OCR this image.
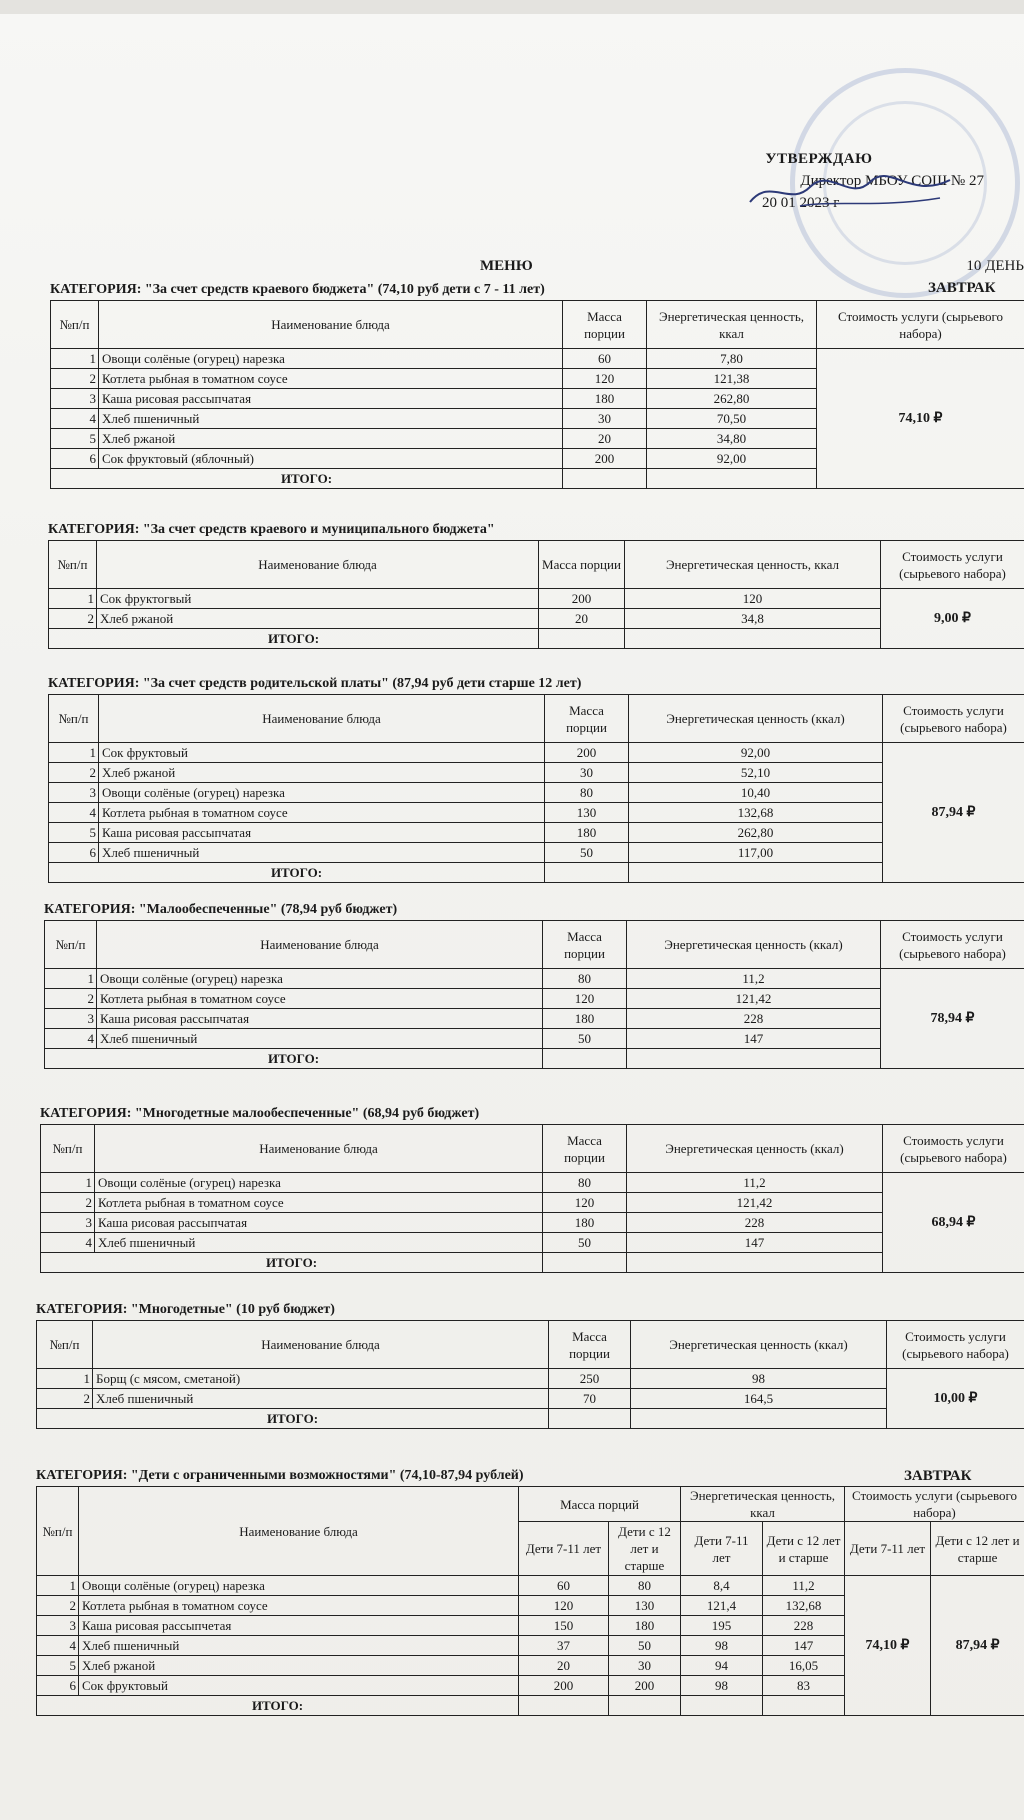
УТВЕРЖДАЮ
Директор МБОУ СОШ № 27
20 01 2023 г
МЕНЮ	10 ДЕНЬ
ЗАВТРАК
КАТЕГОРИЯ: "За счет средств краевого бюджета" (74,10 руб дети с 7 - 11 лет)
№п/п	Наименование блюда	Масса порции	Энергетическая ценность, ккал	Стоимость услуги (сырьевого набора)
1	Овощи солёные (огурец) нарезка	60	7,80	74,10 ₽
2	Котлета рыбная в томатном соусе	120	121,38	
3	Каша рисовая рассыпчатая	180	262,80	
4	Хлеб пшеничный	30	70,50	
5	Хлеб ржаной	20	34,80	
6	Сок фруктовый (яблочный)	200	92,00	
ИТОГО:				
КАТЕГОРИЯ: "За счет средств краевого и муниципального бюджета"
№п/п	Наименование блюда	Масса порции	Энергетическая ценность, ккал	Стоимость услуги (сырьевого набора)
1	Сок фруктогвый	200	120	9,00 ₽
2	Хлеб ржаной	20	34,8	
ИТОГО:				
КАТЕГОРИЯ: "За счет средств родительской платы" (87,94 руб дети старше 12 лет)
№п/п	Наименование блюда	Масса порции	Энергетическая ценность (ккал)	Стоимость услуги (сырьевого набора)
1	Сок фруктовый	200	92,00	87,94 ₽
2	Хлеб ржаной	30	52,10	
3	Овощи солёные (огурец) нарезка	80	10,40	
4	Котлета рыбная в томатном соусе	130	132,68	
5	Каша рисовая рассыпчатая	180	262,80	
6	Хлеб пшеничный	50	117,00	
ИТОГО:				
КАТЕГОРИЯ: "Малообеспеченные" (78,94 руб бюджет)
№п/п	Наименование блюда	Масса порции	Энергетическая ценность (ккал)	Стоимость услуги (сырьевого набора)
1	Овощи солёные (огурец) нарезка	80	11,2	78,94 ₽
2	Котлета рыбная в томатном соусе	120	121,42	
3	Каша рисовая рассыпчатая	180	228	
4	Хлеб пшеничный	50	147	
ИТОГО:				
КАТЕГОРИЯ: "Многодетные малообеспеченные" (68,94 руб бюджет)
№п/п	Наименование блюда	Масса порции	Энергетическая ценность (ккал)	Стоимость услуги (сырьевого набора)
1	Овощи солёные (огурец) нарезка	80	11,2	68,94 ₽
2	Котлета рыбная в томатном соусе	120	121,42	
3	Каша рисовая рассыпчатая	180	228	
4	Хлеб пшеничный	50	147	
ИТОГО:				
КАТЕГОРИЯ: "Многодетные" (10 руб бюджет)
№п/п	Наименование блюда	Масса порции	Энергетическая ценность (ккал)	Стоимость услуги (сырьевого набора)
1	Борщ (с мясом, сметаной)	250	98	10,00 ₽
2	Хлеб пшеничный	70	164,5	
ИТОГО:				
КАТЕГОРИЯ: "Дети с ограниченными возможностями" (74,10-87,94 рублей)	ЗАВТРАК
№п/п	Наименование блюда	Масса порций		Энергетическая ценность, ккал		Стоимость услуги (сырьевого набора)	
		Дети 7-11 лет	Дети с 12 лет и старше	Дети 7-11 лет	Дети с 12 лет и старше	Дети 7-11 лет	Дети с 12 лет и старше
1	Овощи солёные (огурец) нарезка	60	80	8,4	11,2	74,10 ₽	87,94 ₽
2	Котлета рыбная в томатном соусе	120	130	121,4	132,68		
3	Каша рисовая рассыпчетая	150	180	195	228		
4	Хлеб пшеничный	37	50	98	147		
5	Хлеб ржаной	20	30	94	16,05		
6	Сок фруктовый	200	200	98	83		
ИТОГО:							
